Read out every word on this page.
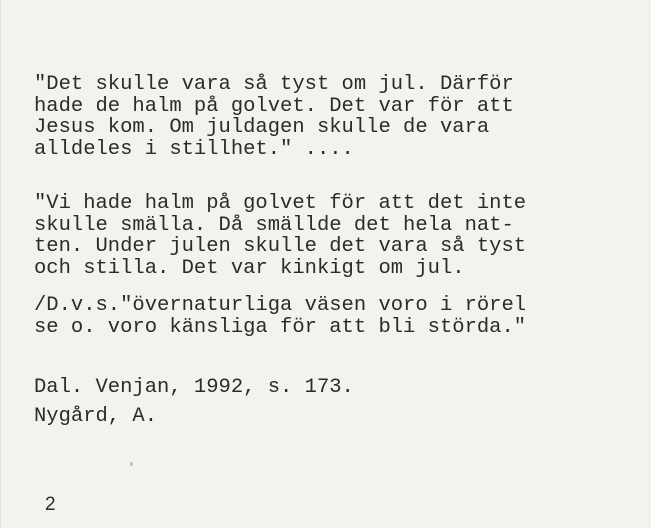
"Det skulle vara så tyst om jul. Därför
hade de halm på golvet. Det var för att
Jesus kom. Om juldagen skulle de vara
alldeles i stillhet." ....
"Vi hade halm på golvet för att det inte
skulle smälla. Då smällde det hela nat-
ten. Under julen skulle det vara så tyst
och stilla. Det var kinkigt om jul.
/D.v.s."övernaturliga väsen voro i rörel
se o. voro känsliga för att bli störda."
Dal. Venjan, 1992, s. 173.
Nygård, A.
2
